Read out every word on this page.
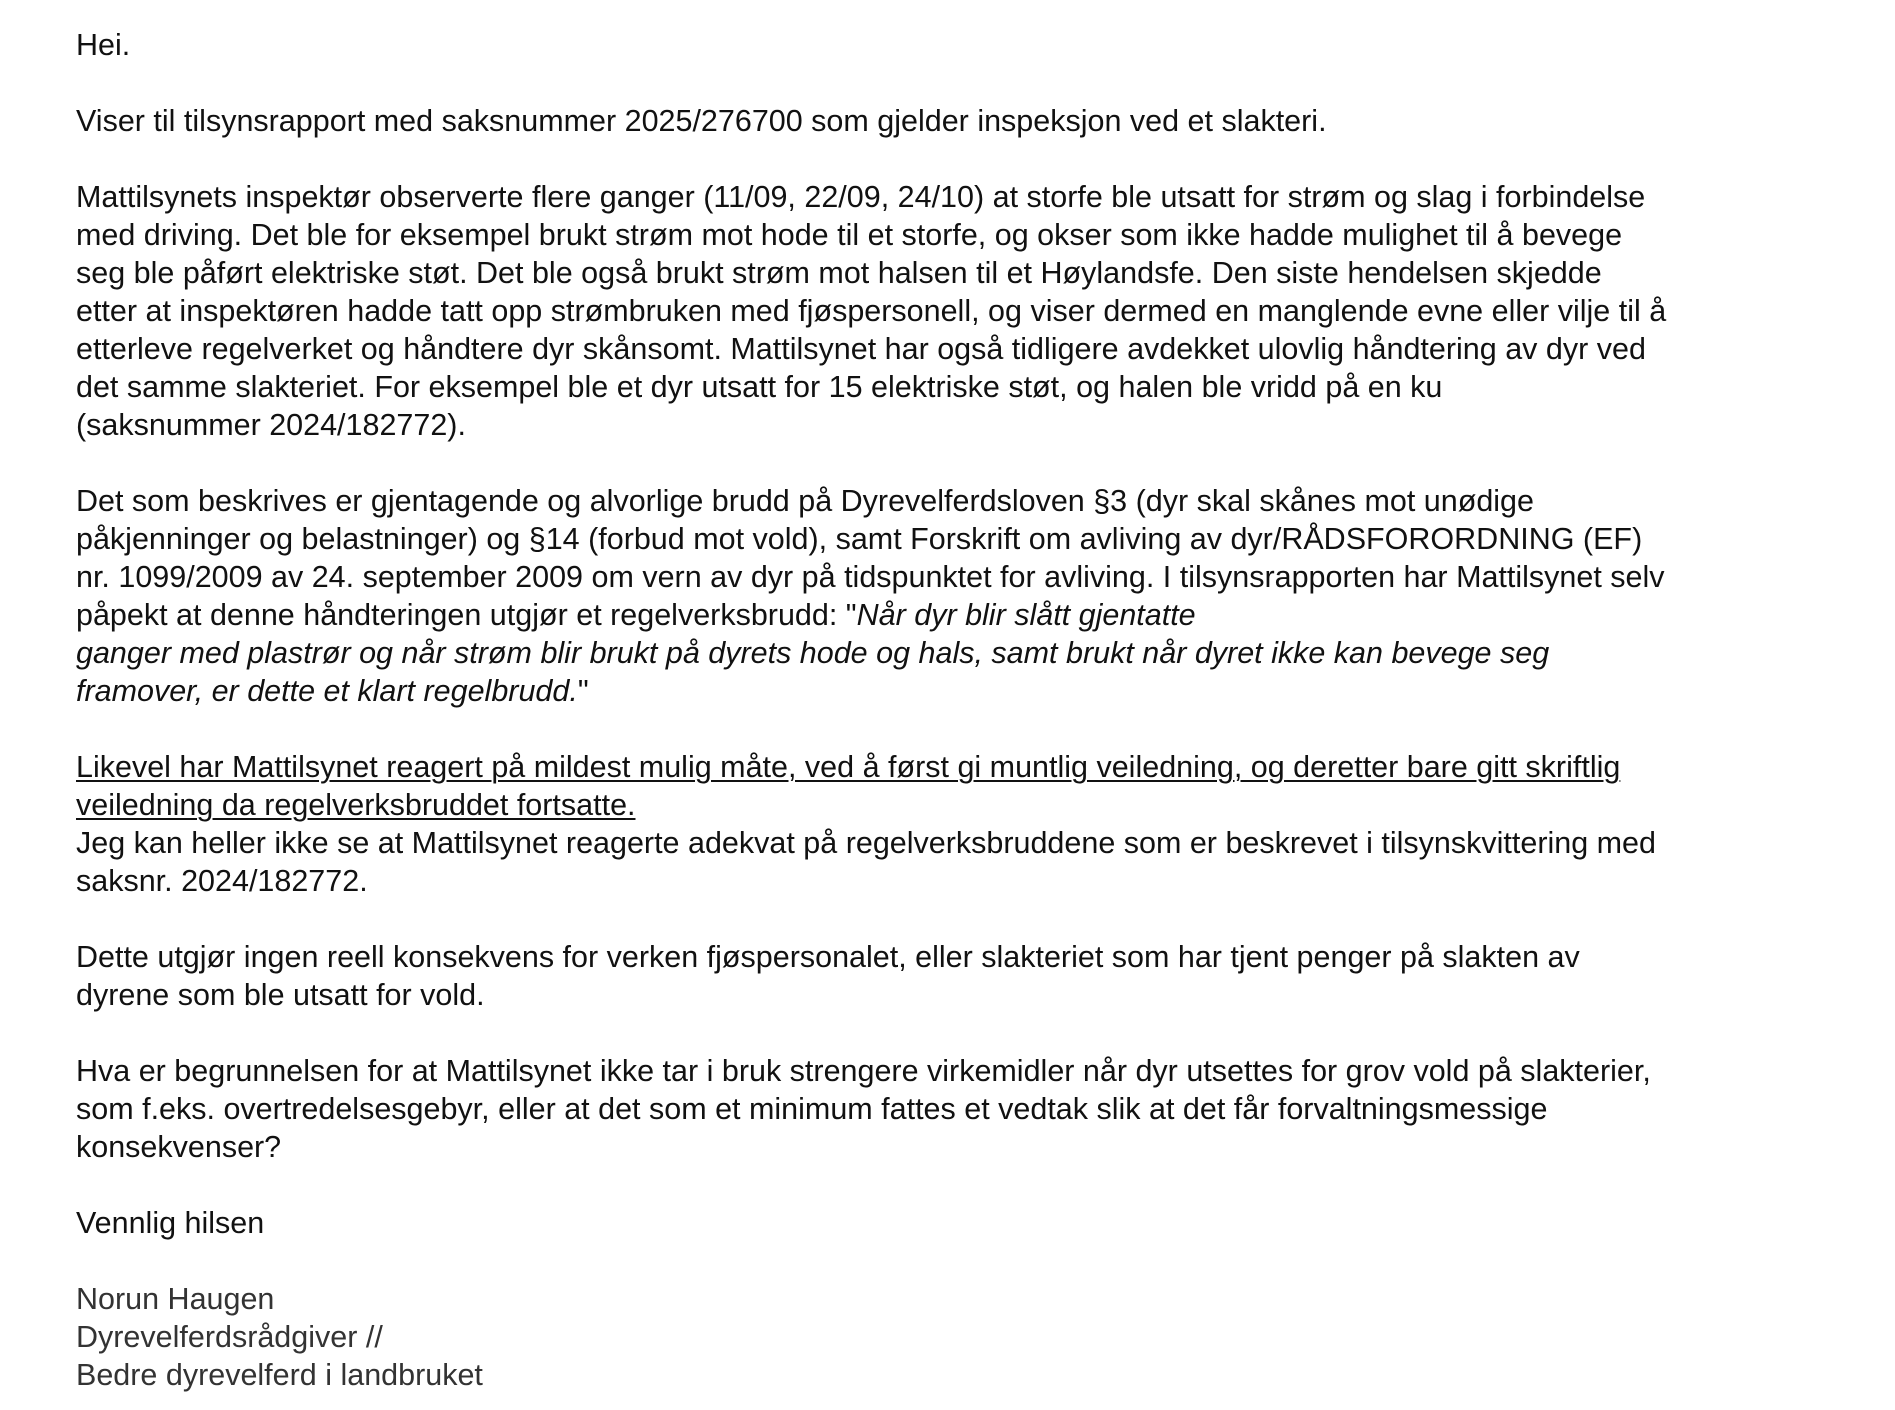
Hei.
Viser til tilsynsrapport med saksnummer 2025/276700 som gjelder inspeksjon ved et slakteri.
Mattilsynets inspektør observerte flere ganger (11/09, 22/09, 24/10) at storfe ble utsatt for strøm og slag i forbindelse
med driving. Det ble for eksempel brukt strøm mot hode til et storfe, og okser som ikke hadde mulighet til å bevege
seg ble påført elektriske støt. Det ble også brukt strøm mot halsen til et Høylandsfe. Den siste hendelsen skjedde
etter at inspektøren hadde tatt opp strømbruken med fjøspersonell, og viser dermed en manglende evne eller vilje til å
etterleve regelverket og håndtere dyr skånsomt. Mattilsynet har også tidligere avdekket ulovlig håndtering av dyr ved
det samme slakteriet. For eksempel ble et dyr utsatt for 15 elektriske støt, og halen ble vridd på en ku
(saksnummer 2024/182772).
Det som beskrives er gjentagende og alvorlige brudd på Dyrevelferdsloven §3 (dyr skal skånes mot unødige
påkjenninger og belastninger) og §14 (forbud mot vold), samt Forskrift om avliving av dyr/RÅDSFORORDNING (EF)
nr. 1099/2009 av 24. september 2009 om vern av dyr på tidspunktet for avliving. I tilsynsrapporten har Mattilsynet selv
påpekt at denne håndteringen utgjør et regelverksbrudd: "Når dyr blir slått gjentatte
ganger med plastrør og når strøm blir brukt på dyrets hode og hals, samt brukt når dyret ikke kan bevege seg
framover, er dette et klart regelbrudd."
Likevel har Mattilsynet reagert på mildest mulig måte, ved å først gi muntlig veiledning, og deretter bare gitt skriftlig
veiledning da regelverksbruddet fortsatte.
Jeg kan heller ikke se at Mattilsynet reagerte adekvat på regelverksbruddene som er beskrevet i tilsynskvittering med
saksnr. 2024/182772.
Dette utgjør ingen reell konsekvens for verken fjøspersonalet, eller slakteriet som har tjent penger på slakten av
dyrene som ble utsatt for vold.
Hva er begrunnelsen for at Mattilsynet ikke tar i bruk strengere virkemidler når dyr utsettes for grov vold på slakterier,
som f.eks. overtredelsesgebyr, eller at det som et minimum fattes et vedtak slik at det får forvaltningsmessige
konsekvenser?
Vennlig hilsen
Norun Haugen
Dyrevelferdsrådgiver //
Bedre dyrevelferd i landbruket
